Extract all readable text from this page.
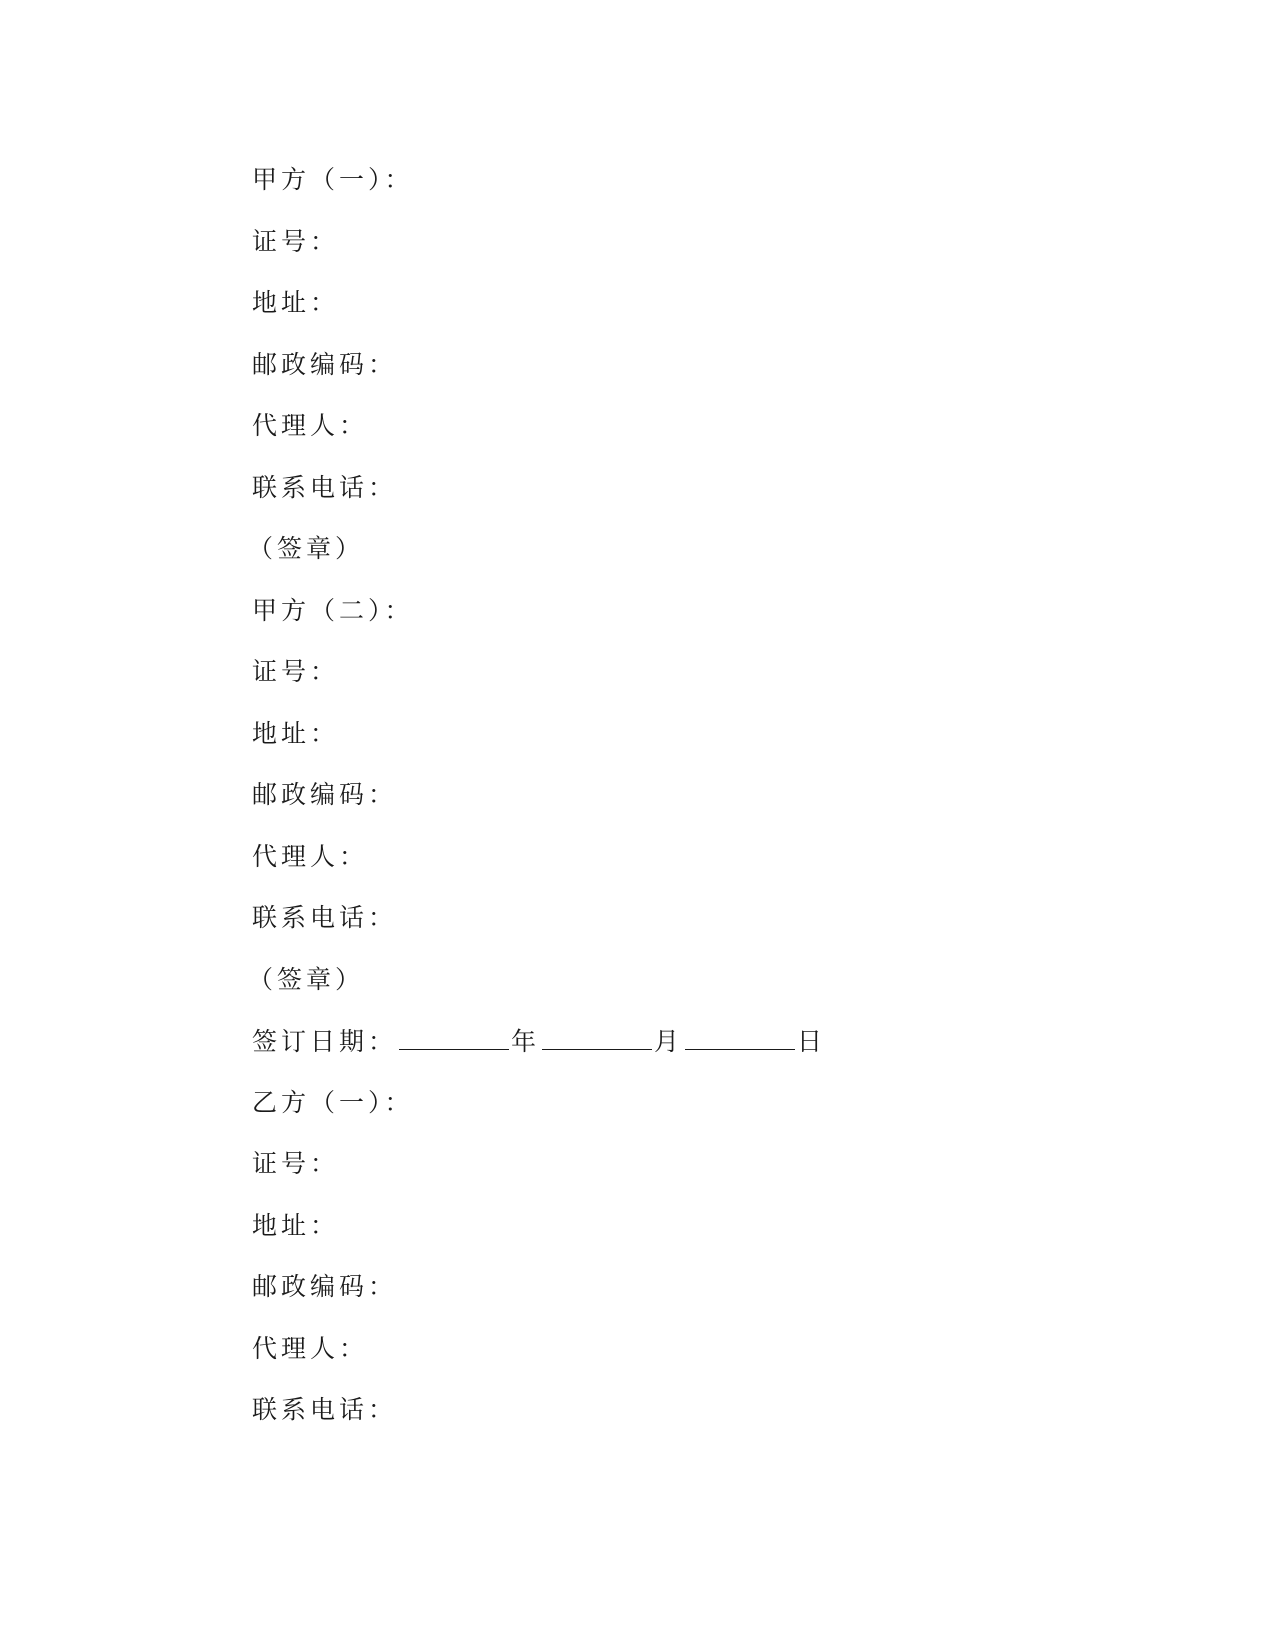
甲方（一）：
证号：
地址：
邮政编码：
代理人：
联系电话：
（签章）
甲方（二）：
证号：
地址：
邮政编码：
代理人：
联系电话：
（签章）
签订日期：	年	月	日
乙方（一）：
证号：
地址：
邮政编码：
代理人：
联系电话：
